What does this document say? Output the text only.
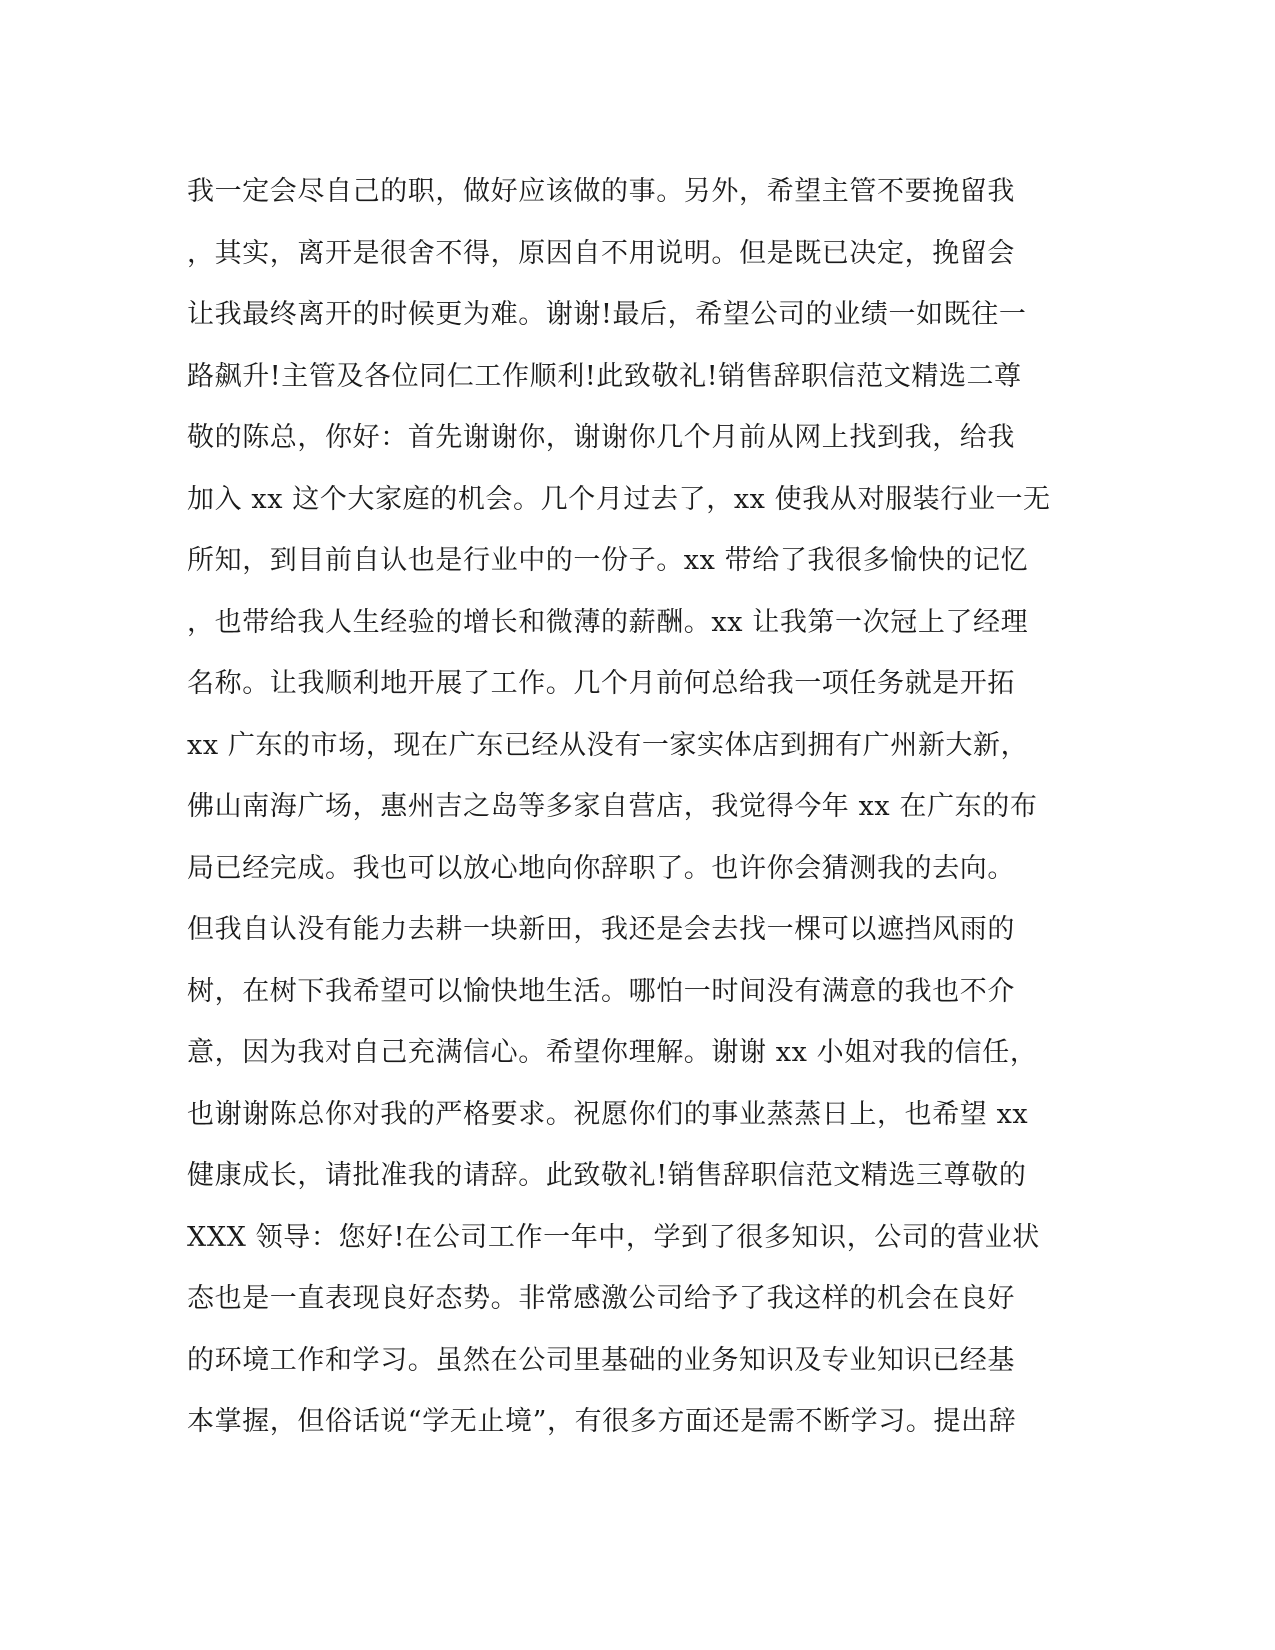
我一定会尽自己的职，做好应该做的事。另外，希望主管不要挽留我
，其实，离开是很舍不得，原因自不用说明。但是既已决定，挽留会
让我最终离开的时候更为难。谢谢!最后，希望公司的业绩一如既往一
路飙升!主管及各位同仁工作顺利!此致敬礼!销售辞职信范文精选二尊
敬的陈总，你好：首先谢谢你，谢谢你几个月前从网上找到我，给我
加入 xx 这个大家庭的机会。几个月过去了，xx 使我从对服装行业一无
所知，到目前自认也是行业中的一份子。xx 带给了我很多愉快的记忆
，也带给我人生经验的增长和微薄的薪酬。xx 让我第一次冠上了经理
名称。让我顺利地开展了工作。几个月前何总给我一项任务就是开拓
xx 广东的市场，现在广东已经从没有一家实体店到拥有广州新大新，
佛山南海广场，惠州吉之岛等多家自营店，我觉得今年 xx 在广东的布
局已经完成。我也可以放心地向你辞职了。也许你会猜测我的去向。
但我自认没有能力去耕一块新田，我还是会去找一棵可以遮挡风雨的
树，在树下我希望可以愉快地生活。哪怕一时间没有满意的我也不介
意，因为我对自己充满信心。希望你理解。谢谢 xx 小姐对我的信任，
也谢谢陈总你对我的严格要求。祝愿你们的事业蒸蒸日上，也希望 xx
健康成长，请批准我的请辞。此致敬礼!销售辞职信范文精选三尊敬的
XXX 领导：您好!在公司工作一年中，学到了很多知识，公司的营业状
态也是一直表现良好态势。非常感激公司给予了我这样的机会在良好
的环境工作和学习。虽然在公司里基础的业务知识及专业知识已经基
本掌握，但俗话说“学无止境”，有很多方面还是需不断学习。提出辞
